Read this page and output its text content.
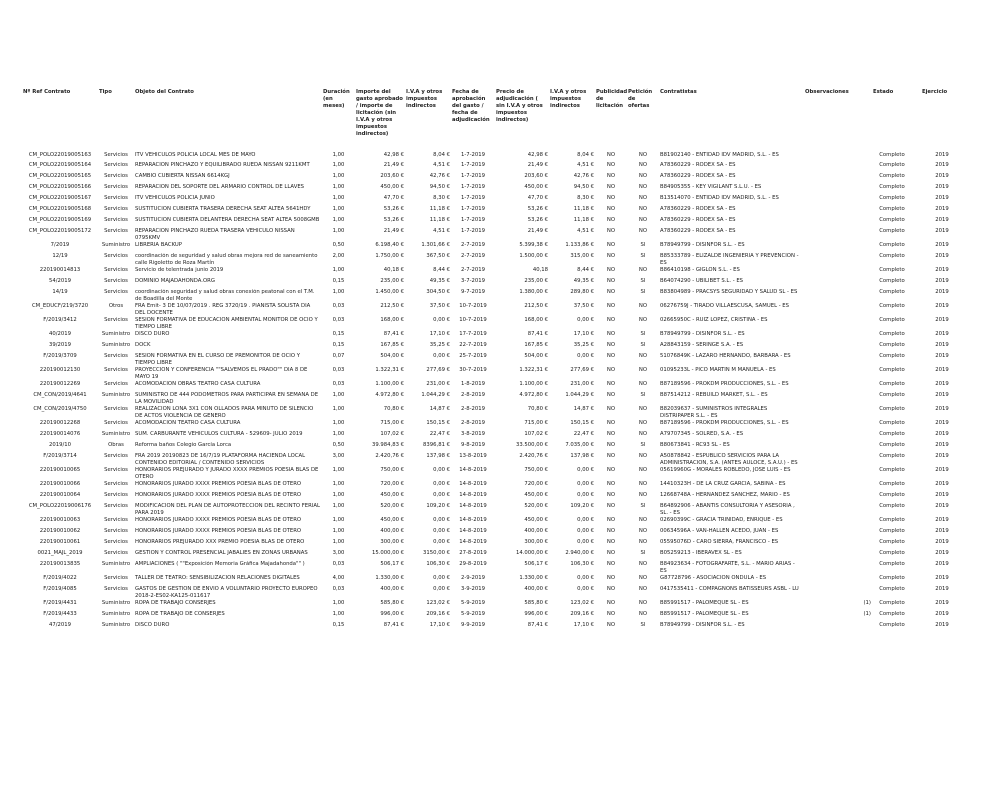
Nº Ref Contrato	Tipo	Objeto del Contrato	Duración (en meses)	Importe del gasto aprobado / importe de licitación (sin I.V.A y otros impuestos indirectos)	I.V.A y otros impuestos indirectos	Fecha de aprobación del gasto / fecha de adjudicación	Precio de adjudicación ( sin I.V.A y otros impuestos indirectos)	I.V.A y otros impuestos indirectos	Publicidad de licitación	Petición de ofertas	Contratistas	Observaciones	Estado	Ejercicio
CM_POLO22019005163	Servicios	ITV VEHICULOS POLICIA LOCAL MES DE MAYO	1,00	42,98 €	8,04 €	1-7-2019	42,98 €	8,04 €	NO	NO	B81902140 - ENTIDAD IDV MADRID, S.L. - ES		Completo	2019
CM_POLO22019005164	Servicios	REPARACION PINCHAZO Y EQUILIBRADO RUEDA NISSAN 9211KMT	1,00	21,49 €	4,51 €	1-7-2019	21,49 €	4,51 €	NO	NO	A78360229 - RODEX SA - ES		Completo	2019
CM_POLO22019005165	Servicios	CAMBIO CUBIERTA NISSAN 6614KGJ	1,00	203,60 €	42,76 €	1-7-2019	203,60 €	42,76 €	NO	NO	A78360229 - RODEX SA - ES		Completo	2019
CM_POLO22019005166	Servicios	REPARACION DEL SOPORTE DEL ARMARIO CONTROL DE LLAVES	1,00	450,00 €	94,50 €	1-7-2019	450,00 €	94,50 €	NO	NO	B84905355 - KEY VIGILANT S.L.U. - ES		Completo	2019
CM_POLO22019005167	Servicios	ITV VEHICULOS POLICIA JUNIO	1,00	47,70 €	8,30 €	1-7-2019	47,70 €	8,30 €	NO	NO	B13514070 - ENTIDAD IDV MADRID, S.L. - ES		Completo	2019
CM_POLO22019005168	Servicios	SUSTITUCION CUBIERTA TRASERA DERECHA SEAT ALTEA 5641HDY	1,00	53,26 €	11,18 €	1-7-2019	53,26 €	11,18 €	NO	NO	A78360229 - RODEX SA - ES		Completo	2019
CM_POLO22019005169	Servicios	SUSTITUCION CUBIERTA DELANTERA DERECHA SEAT ALTEA 5008GMB	1,00	53,26 €	11,18 €	1-7-2019	53,26 €	11,18 €	NO	NO	A78360229 - RODEX SA - ES		Completo	2019
CM_POLO22019005172	Servicios	REPARACION PINCHAZO RUEDA TRASERA VEHICULO NISSAN 0795KMV	1,00	21,49 €	4,51 €	1-7-2019	21,49 €	4,51 €	NO	NO	A78360229 - RODEX SA - ES		Completo	2019
7/2019	Suministro	LIBRERÍA BACKUP	0,50	6.198,40 €	1.301,66 €	2-7-2019	5.399,38 €	1.133,86 €	NO	SI	B78949799 - DISINFOR S.L. - ES		Completo	2019
12/19	Servicios	coordinación de seguridad y salud obras mejora red de saneamiento calle Rigoletto de Roza Martín	2,00	1.750,00 €	367,50 €	2-7-2019	1.500,00 €	315,00 €	NO	SI	B85333789 - ELIZALDE INGENIERIA Y PREVENCION - ES		Completo	2019
220190014813	Servicios	Servicio de telentrada junio 2019	1,00	40,18 €	8,44 €	2-7-2019	40,18	8,44 €	NO	NO	B86410198 - GIGLÓN S.L. - ES		Completo	2019
54/2019	Servicios	DOMINIO MAJADAHONDA.ORG	0,15	235,00 €	49,35 €	3-7-2019	235,00 €	49,35 €	NO	SI	B64074290 - UBILIBET S.L. - ES		Completo	2019
14/19	Servicios	coordinación seguridad y salud obras conexión peatonal con el T.M. de Boadilla del Monte	1,00	1.450,00 €	304,50 €	9-7-2019	1.380,00 €	289,80 €	NO	SI	B83804989 - PRACSYS SEGURIDAD Y SALUD SL - ES		Completo	2019
CM_EDUCF/219/3720	Otros	FRA Emit- 3 DE 10/07/2019 . REG 3720/19 . PIANISTA SOLISTA DIA DEL DOCENTE	0,03	212,50 €	37,50 €	10-7-2019	212,50 €	37,50 €	NO	NO	06276759J - TIRADO VILLAESCUSA, SAMUEL - ES		Completo	2019
F/2019/3412	Servicios	SESION FORMATIVA DE EDUCACION AMBIENTAL MONITOR DE OCIO Y TIEMPO LIBRE	0,03	168,00 €	0,00 €	10-7-2019	168,00 €	0,00 €	NO	NO	02665950C - RUIZ LOPEZ, CRISTINA - ES		Completo	2019
40/2019	Suministro	DISCO DURO	0,15	87,41 €	17,10 €	17-7-2019	87,41 €	17,10 €	NO	SI	B78949799 - DISINFOR S.L. - ES		Completo	2019
39/2019	Suministro	DOCK	0,15	167,85 €	35,25 €	22-7-2019	167,85 €	35,25 €	NO	SI	A28843159 - SERINGE S.A. - ES		Completo	2019
F/2019/3709	Servicios	SESION FORMATIVA EN EL CURSO DE PREMONITOR DE OCIO Y TIEMPO LIBRE	0,07	504,00 €	0,00 €	25-7-2019	504,00 €	0,00 €	NO	NO	51076849K - LAZARO HERNANDO, BARBARA - ES		Completo	2019
220190012130	Servicios	PROYECCION Y CONFERENCIA ""SALVEMOS EL PRADO"" DIA 8 DE MAYO 19	0,03	1.322,31 €	277,69 €	30-7-2019	1.322,31 €	277,69 €	NO	NO	01095233L - PICO MARTIN M MANUELA - ES		Completo	2019
220190012269	Servicios	ACOMODACION OBRAS TEATRO CASA CULTURA	0,03	1.100,00 €	231,00 €	1-8-2019	1.100,00 €	231,00 €	NO	NO	B87189596 - PROKDM PRODUCCIONES, S.L. - ES		Completo	2019
CM_CON/2019/4641	Suministro	SUMINISTRO DE 444 PODOMETROS PARA PARTICIPAR EN SEMANA DE LA MOVILIDAD	1,00	4.972,80 €	1.044,29 €	2-8-2019	4.972,80 €	1.044,29 €	NO	SI	B87514212 - REBUILD MARKET, S.L. - ES		Completo	2019
CM_CON/2019/4750	Servicios	REALIZACION LONA 3X1 CON OLLADOS PARA MINUTO DE SILENCIO DE ACTOS VIOLENCIA DE GENERO	1,00	70,80 €	14,87 €	2-8-2019	70,80 €	14,87 €	NO	NO	B82039637 - SUMINISTROS INTEGRALES DISTRIPAPER S.L. - ES		Completo	2019
220190012268	Servicios	ACOMODACION TEATRO CASA CULTURA	1,00	715,00 €	150,15 €	2-8-2019	715,00 €	150,15 €	NO	NO	B87189596 - PROKDM PRODUCCIONES, S.L. - ES		Completo	2019
220190014076	Suministro	SUM. CARBURANTE VEHICULOS CULTURA - 529609- JULIO 2019	1,00	107,02 €	22,47 €	3-8-2019	107,02 €	22,47 €	NO	NO	A79707345 - SOLRED, S.A. - ES		Completo	2019
2019/10	Obras	Reforma baños Colegio García Lorca	0,50	39.984,83 €	8396,81 €	9-8-2019	33.500,00 €	7.035,00 €	NO	SI	B80673841 - RC93 SL - ES		Completo	2019
F/2019/3714	Servicios	FRA 2019 20190823 DE 16/7/19 PLATAFORMA HACIENDA LOCAL CONTENIDO EDITORIAL / CONTENIDO SERVICIOS	3,00	2.420,76 €	137,98 €	13-8-2019	2.420,76 €	137,98 €	NO	NO	A50878842 - ESPUBLICO SERVICIOS PARA LA ADMINISTRACION, S.A. (ANTES AULOCE, S.A.U.) - ES		Completo	2019
220190010065	Servicios	HONORARIOS PREJURADO Y JURADO XXXX PREMIOS POESIA BLAS DE OTERO	1,00	750,00 €	0,00 €	14-8-2019	750,00 €	0,00 €	NO	NO	05619960G - MORALES ROBLEDO, JOSÉ LUIS - ES		Completo	2019
220190010066	Servicios	HONORARIOS JURADO XXXX PREMIOS POESIA BLAS DE OTERO	1,00	720,00 €	0,00 €	14-8-2019	720,00 €	0,00 €	NO	NO	14410323H - DE LA CRUZ GARCÍA, SABINA - ES		Completo	2019
220190010064	Servicios	HONORARIOS JURADO XXXX PREMIOS POESIA BLAS DE OTERO	1,00	450,00 €	0,00 €	14-8-2019	450,00 €	0,00 €	NO	NO	12668748A - HERNANDEZ SANCHEZ, MARIO - ES		Completo	2019
CM_POLO22019006176	Servicios	MODIFICACION DEL PLAN DE AUTOPROTECCION DEL RECINTO FERIAL PARA 2019	1,00	520,00 €	109,20 €	14-8-2019	520,00 €	109,20 €	NO	SI	B64892906 - ABANTIS CONSULTORIA Y ASESORIA , SL. - ES		Completo	2019
220190010063	Servicios	HONORARIOS JURADO XXXX PREMIOS POESIA BLAS DE OTERO	1,00	450,00 €	0,00 €	14-8-2019	450,00 €	0,00 €	NO	NO	02690399C - GRACIA TRINIDAD, ENRIQUE - ES		Completo	2019
220190010062	Servicios	HONORARIOS JURADO XXXX PREMIOS POESIA BLAS DE OTERO	1,00	400,00 €	0,00 €	14-8-2019	400,00 €	0,00 €	NO	NO	00634596A - VAN-HALLEN ACEDO, JUAN - ES		Completo	2019
220190010061	Servicios	HONORARIOS PREJURADO XXX PREMIO POESIA BLAS DE OTERO	1,00	300,00 €	0,00 €	14-8-2019	300,00 €	0,00 €	NO	NO	05595076D - CARO SIERRA, FRANCISCO - ES		Completo	2019
0021_MAJL_2019	Servicios	GESTIÓN Y CONTROL PRESENCIAL JABALÍES EN ZONAS URBANAS	3,00	15.000,00 €	3150,00 €	27-8-2019	14.000,00 €	2.940,00 €	NO	SI	B05259213 - IBERAVEX SL - ES		Completo	2019
220190013835	Suministro	AMPLIACIONES ( ""Exposición Memoria Gráfica Majadahonda"" )	0,03	506,17 €	106,30 €	29-8-2019	506,17 €	106,30 €	NO	NO	B84923634 - FOTOGRAFARTE, S.L. - MARIO ARIAS - ES		Completo	2019
F/2019/4022	Servicios	TALLER DE TEATRO: SENSIBILIZACION RELACIONES DIGITALES	4,00	1.330,00 €	0,00 €	2-9-2019	1.330,00 €	0,00 €	NO	NO	G87728796 - ASOCIACION ONDULA - ES		Completo	2019
F/2019/4085	Servicios	GASTOS DE GESTIÓN DE ENVÍO A VOLUNTARIO PROYECTO EUROPEO 2018-2-ES02-KA125-011617	0,03	400,00 €	0,00 €	3-9-2019	400,00 €	0,00 €	NO	NO	0417535411 - COMPAGNONS BATISSEURS ASBL - LU		Completo	2019
F/2019/4431	Suministro	ROPA DE TRABAJO CONSERJES	1,00	585,80 €	123,02 €	5-9-2019	585,80 €	123,02 €	NO	NO	B85991517 - PALOMEQUE SL - ES	(1)	Completo	2019
F/2019/4433	Suministro	ROPA DE TRABAJO DE CONSERJES	1,00	996,00 €	209,16 €	5-9-2019	996,00 €	209,16 €	NO	NO	B85991517 - PALOMEQUE SL - ES	(1)	Completo	2019
47/2019	Suministro	DISCO DURO	0,15	87,41 €	17,10 €	9-9-2019	87,41 €	17,10 €	NO	SI	B78949799 - DISINFOR S.L. - ES		Completo	2019
